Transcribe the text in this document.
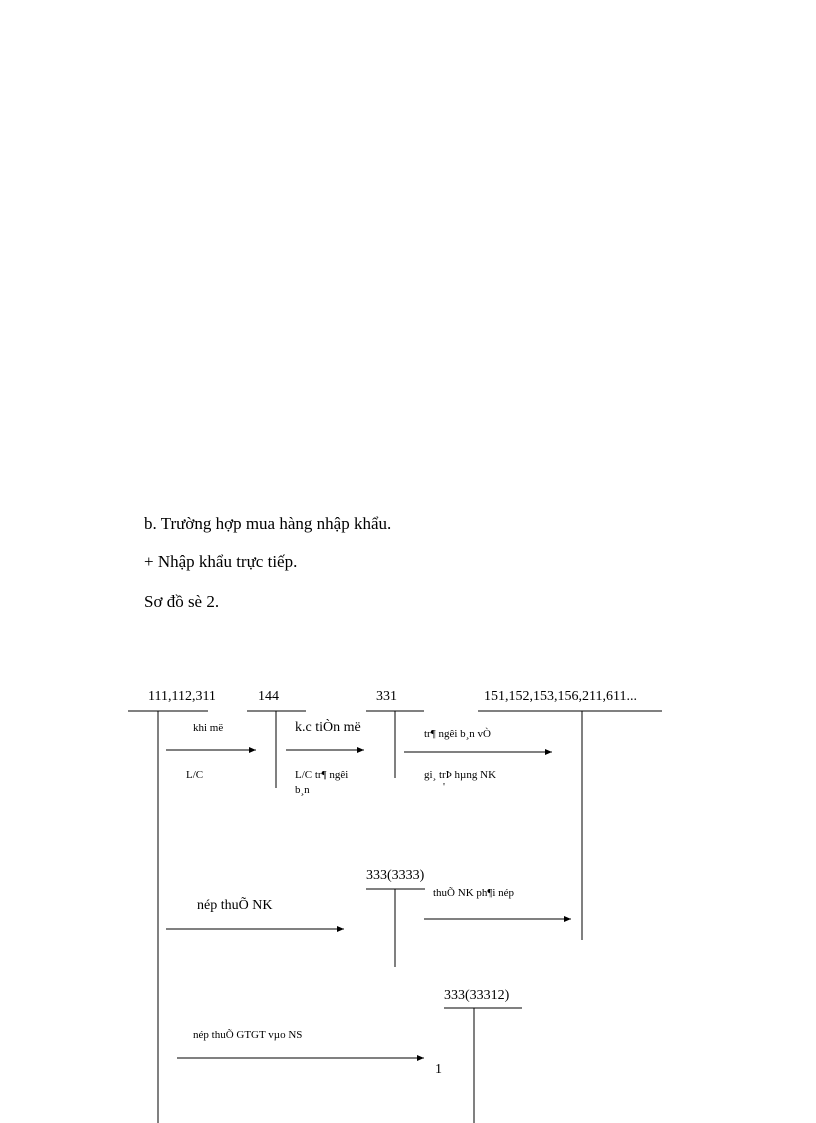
b. Trường hợp mua hàng nhập khẩu.
+ Nhập khẩu trực tiếp.
Sơ đồ sè 2.
111,112,311	144	331	151,152,153,156,211,611...
333(3333)
333(33312)
khi më
L/C
k.c tiÒn më
L/C tr¶ ngêi
b¸n
tr¶ ngêi b¸n vÒ
gi¸ trÞ hµng NK
'
nép thuÕ NK
thuÕ NK ph¶i nép
nép thuÕ GTGT vµo NS
1
